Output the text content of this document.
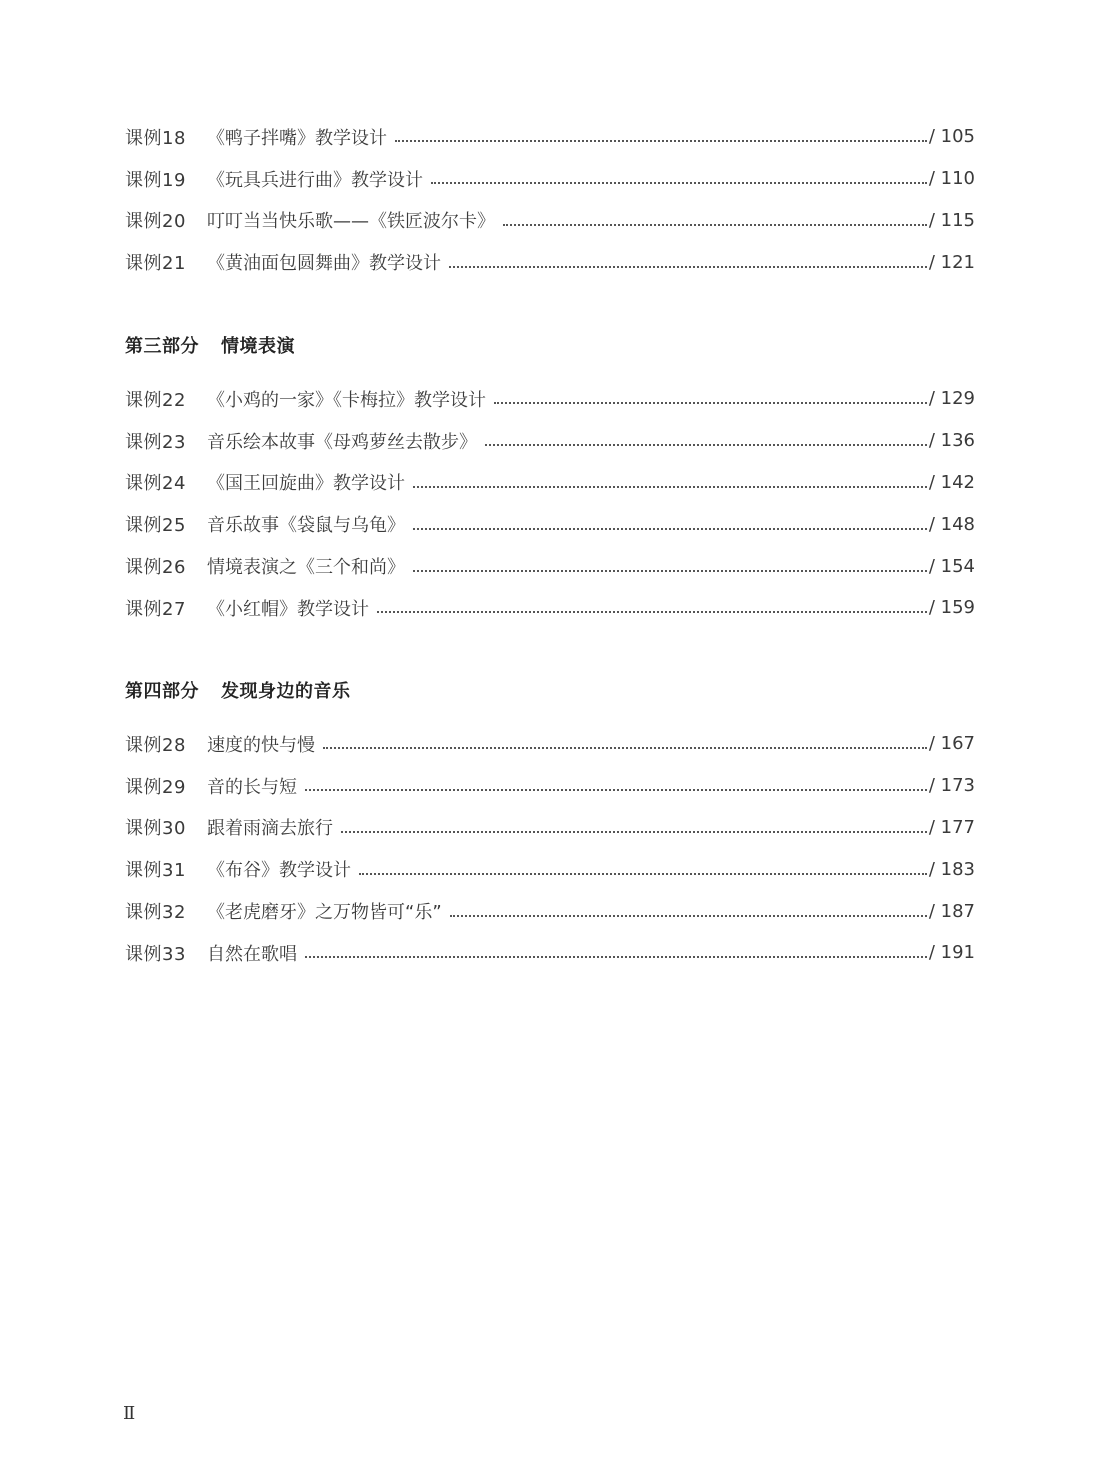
课例18	《鸭子拌嘴》教学设计	/ 105
课例19	《玩具兵进行曲》教学设计	/ 110
课例20	叮叮当当快乐歌——《铁匠波尔卡》	/ 115
课例21	《黄油面包圆舞曲》教学设计	/ 121
第三部分 情境表演
课例22	《小鸡的一家》《卡梅拉》教学设计	/ 129
课例23	音乐绘本故事《母鸡萝丝去散步》	/ 136
课例24	《国王回旋曲》教学设计	/ 142
课例25	音乐故事《袋鼠与乌龟》	/ 148
课例26	情境表演之《三个和尚》	/ 154
课例27	《小红帽》教学设计	/ 159
第四部分 发现身边的音乐
课例28	速度的快与慢	/ 167
课例29	音的长与短	/ 173
课例30	跟着雨滴去旅行	/ 177
课例31	《布谷》教学设计	/ 183
课例32	《老虎磨牙》之万物皆可“乐”	/ 187
课例33	自然在歌唱	/ 191
Ⅱ
